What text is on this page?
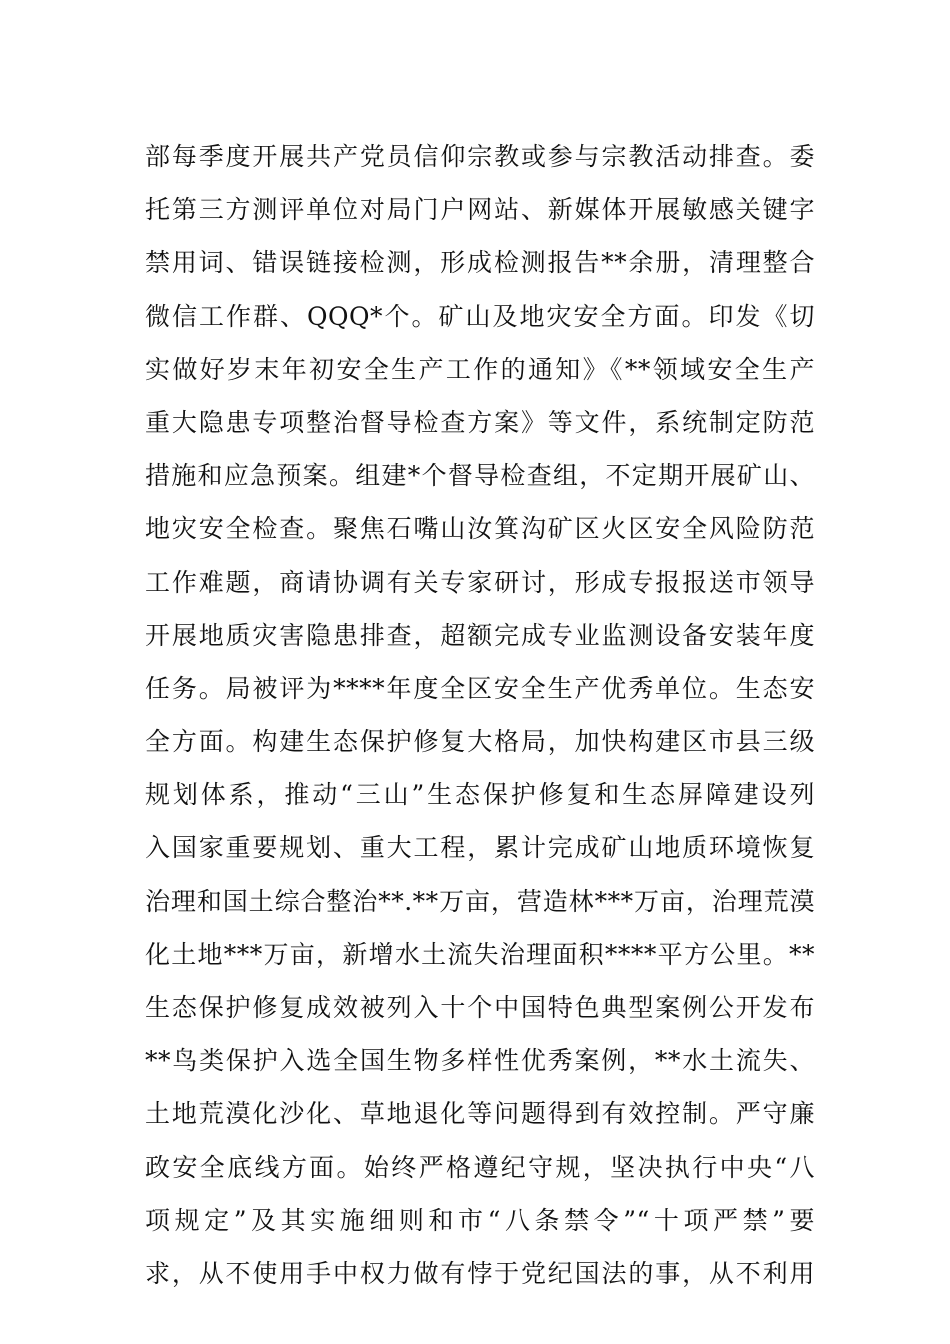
部每季度开展共产党员信仰宗教或参与宗教活动排查。委
托第三方测评单位对局门户网站、新媒体开展敏感关键字
禁用词、错误链接检测，形成检测报告**余册，清理整合
微信工作群、QQQ*个。矿山及地灾安全方面。印发《切
实做好岁末年初安全生产工作的通知》《**领域安全生产
重大隐患专项整治督导检查方案》等文件，系统制定防范
措施和应急预案。组建*个督导检查组，不定期开展矿山、
地灾安全检查。聚焦石嘴山汝箕沟矿区火区安全风险防范
工作难题，商请协调有关专家研讨，形成专报报送市领导
开展地质灾害隐患排查，超额完成专业监测设备安装年度
任务。局被评为****年度全区安全生产优秀单位。生态安
全方面。构建生态保护修复大格局，加快构建区市县三级
规划体系，推动“三山”生态保护修复和生态屏障建设列
入国家重要规划、重大工程，累计完成矿山地质环境恢复
治理和国土综合整治**.**万亩，营造林***万亩，治理荒漠
化土地***万亩，新增水土流失治理面积****平方公里。**
生态保护修复成效被列入十个中国特色典型案例公开发布
**鸟类保护入选全国生物多样性优秀案例，**水土流失、
土地荒漠化沙化、草地退化等问题得到有效控制。严守廉
政安全底线方面。始终严格遵纪守规，坚决执行中央“八
项规定”及其实施细则和市“八条禁令”“十项严禁”要
求，从不使用手中权力做有悖于党纪国法的事，从不利用
